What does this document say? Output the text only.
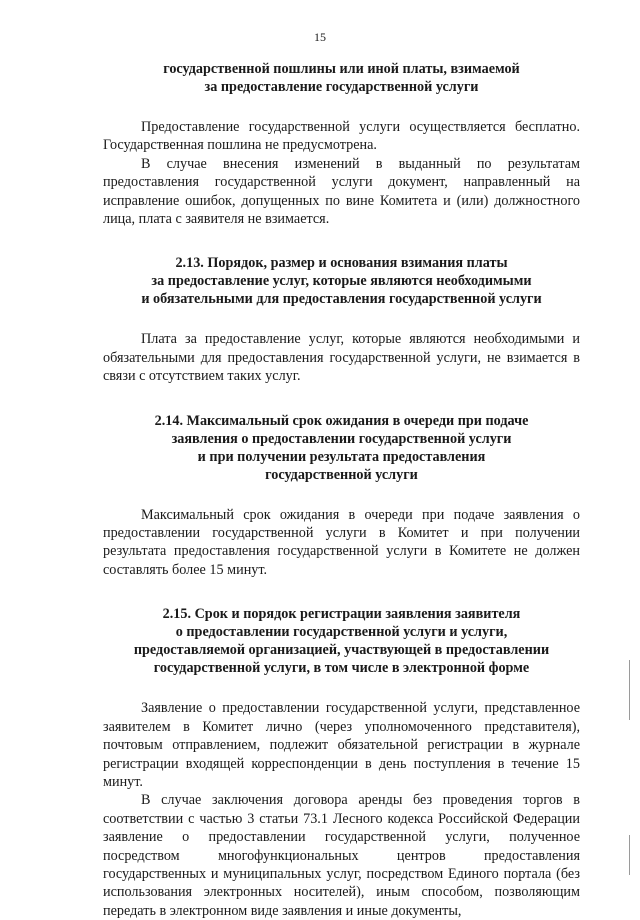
15

государственной пошлины или иной платы, взимаемой

за предоставление государственной услуги

Предоставление государственной услуги осуществляется бесплатно. Государственная пошлина не предусмотрена.

В случае внесения изменений в выданный по результатам предоставления государственной услуги документ, направленный на исправление ошибок, допущенных по вине Комитета и (или) должностного лица, плата с заявителя не взимается.

2.13. Порядок, размер и основания взимания платы

за предоставление услуг, которые являются необходимыми

и обязательными для предоставления государственной услуги

Плата за предоставление услуг, которые являются необходимыми и обязательными для предоставления государственной услуги, не взимается в связи с отсутствием таких услуг.

2.14. Максимальный срок ожидания в очереди при подаче

заявления о предоставлении государственной услуги

и при получении результата предоставления

государственной услуги

Максимальный срок ожидания в очереди при подаче заявления о предоставлении государственной услуги в Комитет и при получении результата предоставления государственной услуги в Комитете не должен составлять более 15 минут.

2.15. Срок и порядок регистрации заявления заявителя

о предоставлении государственной услуги и услуги,

предоставляемой организацией, участвующей в предоставлении

государственной услуги, в том числе в электронной форме

Заявление о предоставлении государственной услуги, представленное заявителем в Комитет лично (через уполномоченного представителя), почтовым отправлением, подлежит обязательной регистрации в журнале регистрации входящей корреспонденции в день поступления в течение 15 минут.

В случае заключения договора аренды без проведения торгов в соответствии с частью 3 статьи 73.1 Лесного кодекса Российской Федерации заявление о предоставлении государственной услуги, полученное посредством многофункциональных центров предоставления государственных и муниципальных услуг, посредством Единого портала (без использования электронных носителей), иным способом, позволяющим передать в электронном виде заявления и иные документы,
